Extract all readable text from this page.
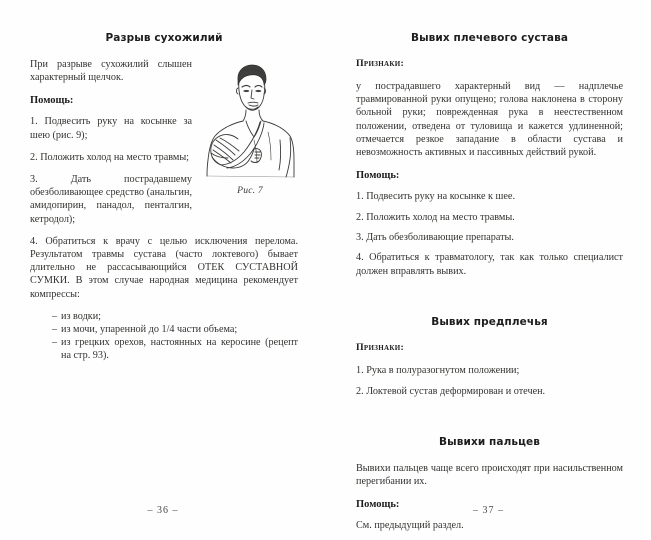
Разрыв сухожилий
Рис. 7

При разрыве сухожилий слышен характерный щелчок.

Помощь:

1. Подвесить руку на косынке за шею (рис. 9);

2. Положить холод на место травмы;

3. Дать пострадавшему обезболивающее средство (анальгин, амидопирин, панадол, пенталгин, кетродол);

4. Обратиться к врачу с целью исключения перелома. Результатом травмы сустава (часто локтевого) бывает длительно не рассасывающийся ОТЕК СУСТАВНОЙ СУМКИ. В этом случае народная медицина рекомендует компрессы:

– из водки;
– из мочи, упаренной до 1/4 части объема;
– из грецких орехов, настоянных на керосине (рецепт на стр. 93).
– 36 –
Вывих плечевого сустава
Признаки:

у пострадавшего характерный вид — надплечье травмированной руки опущено; голова наклонена в сторону больной руки; поврежденная рука в неестественном положении, отведена от туловища и кажется удлиненной; отмечается резкое западание в области сустава и невозможность активных и пассивных действий рукой.

Помощь:
1. Подвесить руку на косынке к шее.
2. Положить холод на место травмы.
3. Дать обезболивающие препараты.
4. Обратиться к травматологу, так как только специалист должен вправлять вывих.
Вывих предплечья
Признаки:
1. Рука в полуразогнутом положении;
2. Локтевой сустав деформирован и отечен.
Вывихи пальцев

Вывихи пальцев чаще всего происходят при насильственном перегибании их.

Помощь:

См. предыдущий раздел.

– 37 –
